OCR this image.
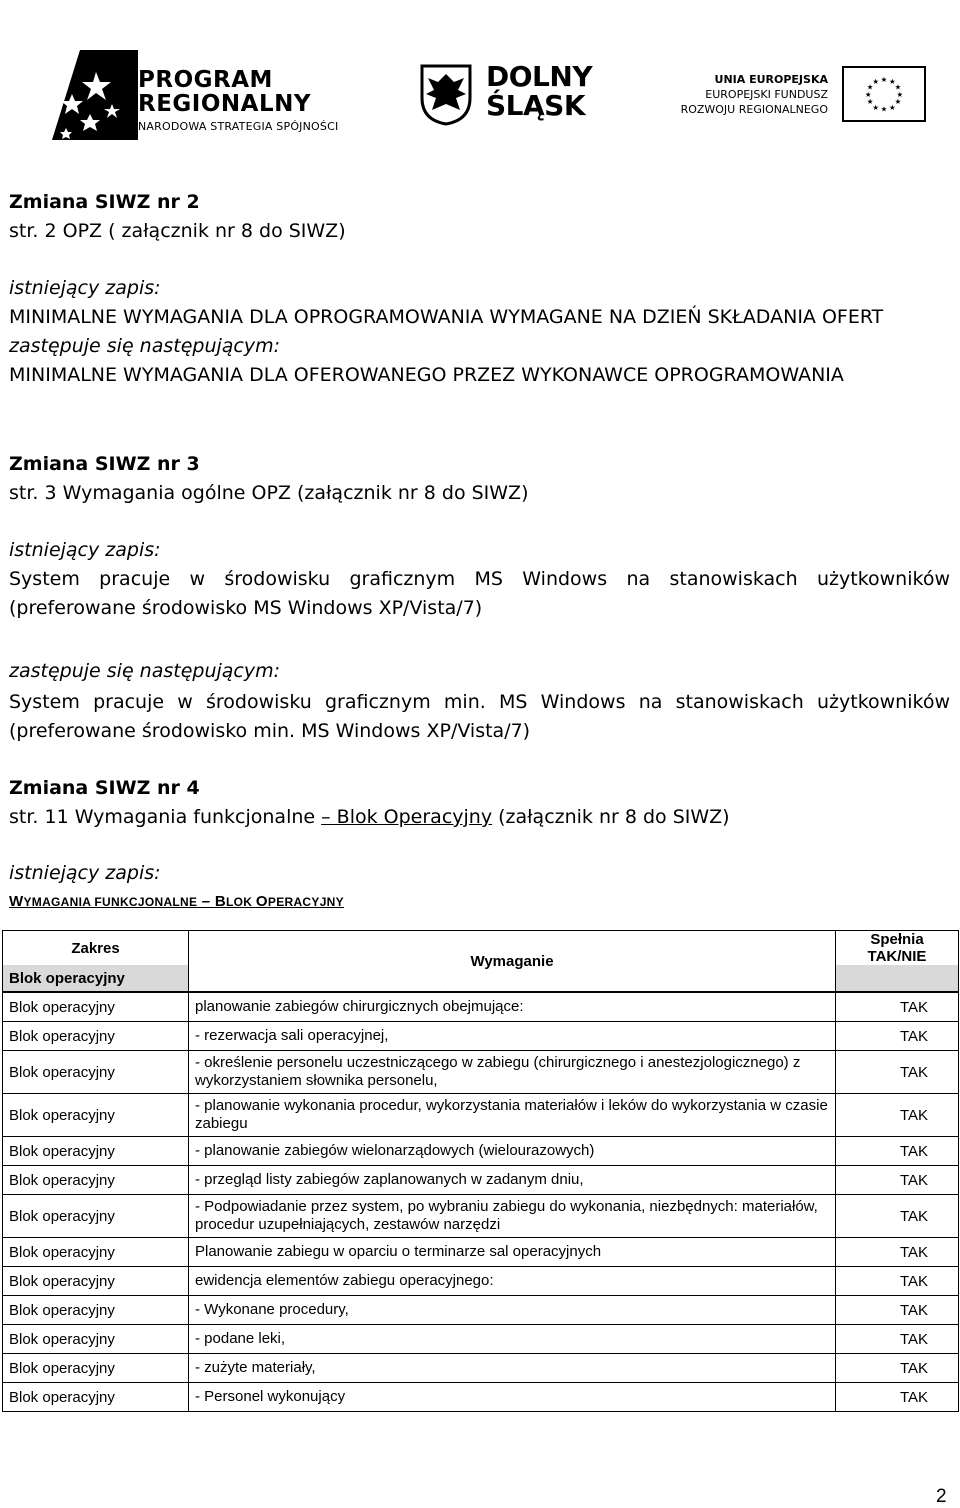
PROGRAM
REGIONALNY
NARODOWA STRATEGIA SPÓJNOŚCI
DOLNY
ŚLĄSK
UNIA EUROPEJSKA
EUROPEJSKI FUNDUSZ
ROZWOJU REGIONALNEGO
★ ★
★
★
★
★
★
★
★
★
★
★
Zmiana SIWZ nr 2
str. 2 OPZ ( załącznik nr 8 do SIWZ)
istniejący zapis:
MINIMALNE WYMAGANIA DLA OPROGRAMOWANIA WYMAGANE NA DZIEŃ SKŁADANIA OFERT
zastępuje się następującym:
MINIMALNE WYMAGANIA DLA OFEROWANEGO PRZEZ WYKONAWCE OPROGRAMOWANIA
Zmiana SIWZ nr 3
str. 3 Wymagania ogólne OPZ (załącznik nr 8 do SIWZ)
istniejący zapis:
System pracuje w środowisku graficznym MS Windows na stanowiskach użytkowników
(preferowane środowisko MS Windows XP/Vista/7)
zastępuje się następującym:
System pracuje w środowisku graficznym min. MS Windows na stanowiskach użytkowników
(preferowane środowisko min. MS Windows XP/Vista/7)
Zmiana SIWZ nr 4
str. 11 Wymagania funkcjonalne – Blok Operacyjny (załącznik nr 8 do SIWZ)
istniejący zapis:
WYMAGANIA FUNKCJONALNE – BLOK OPERACYJNY
Zakres	Wymaganie	Spełnia
TAK/NIE

Blok operacyjny		
Blok operacyjny	planowanie zabiegów chirurgicznych obejmujące:	TAK
Blok operacyjny	- rezerwacja sali operacyjnej,	TAK
Blok operacyjny	- określenie personelu uczestniczącego w zabiegu (chirurgicznego i anestezjologicznego) z wykorzystaniem słownika personelu,	TAK
Blok operacyjny	- planowanie wykonania procedur, wykorzystania materiałów i leków do wykorzystania w czasie zabiegu	TAK
Blok operacyjny	- planowanie zabiegów wielonarządowych (wielourazowych)	TAK
Blok operacyjny	- przegląd listy zabiegów zaplanowanych w zadanym dniu,	TAK
Blok operacyjny	- Podpowiadanie przez system, po wybraniu zabiegu do wykonania, niezbędnych: materiałów, procedur uzupełniających, zestawów narzędzi	TAK
Blok operacyjny	Planowanie zabiegu w oparciu o terminarze sal operacyjnych	TAK
Blok operacyjny	ewidencja elementów zabiegu operacyjnego:	TAK
Blok operacyjny	- Wykonane procedury,	TAK
Blok operacyjny	- podane leki,	TAK
Blok operacyjny	- zużyte materiały,	TAK
Blok operacyjny	- Personel wykonujący	TAK
2
